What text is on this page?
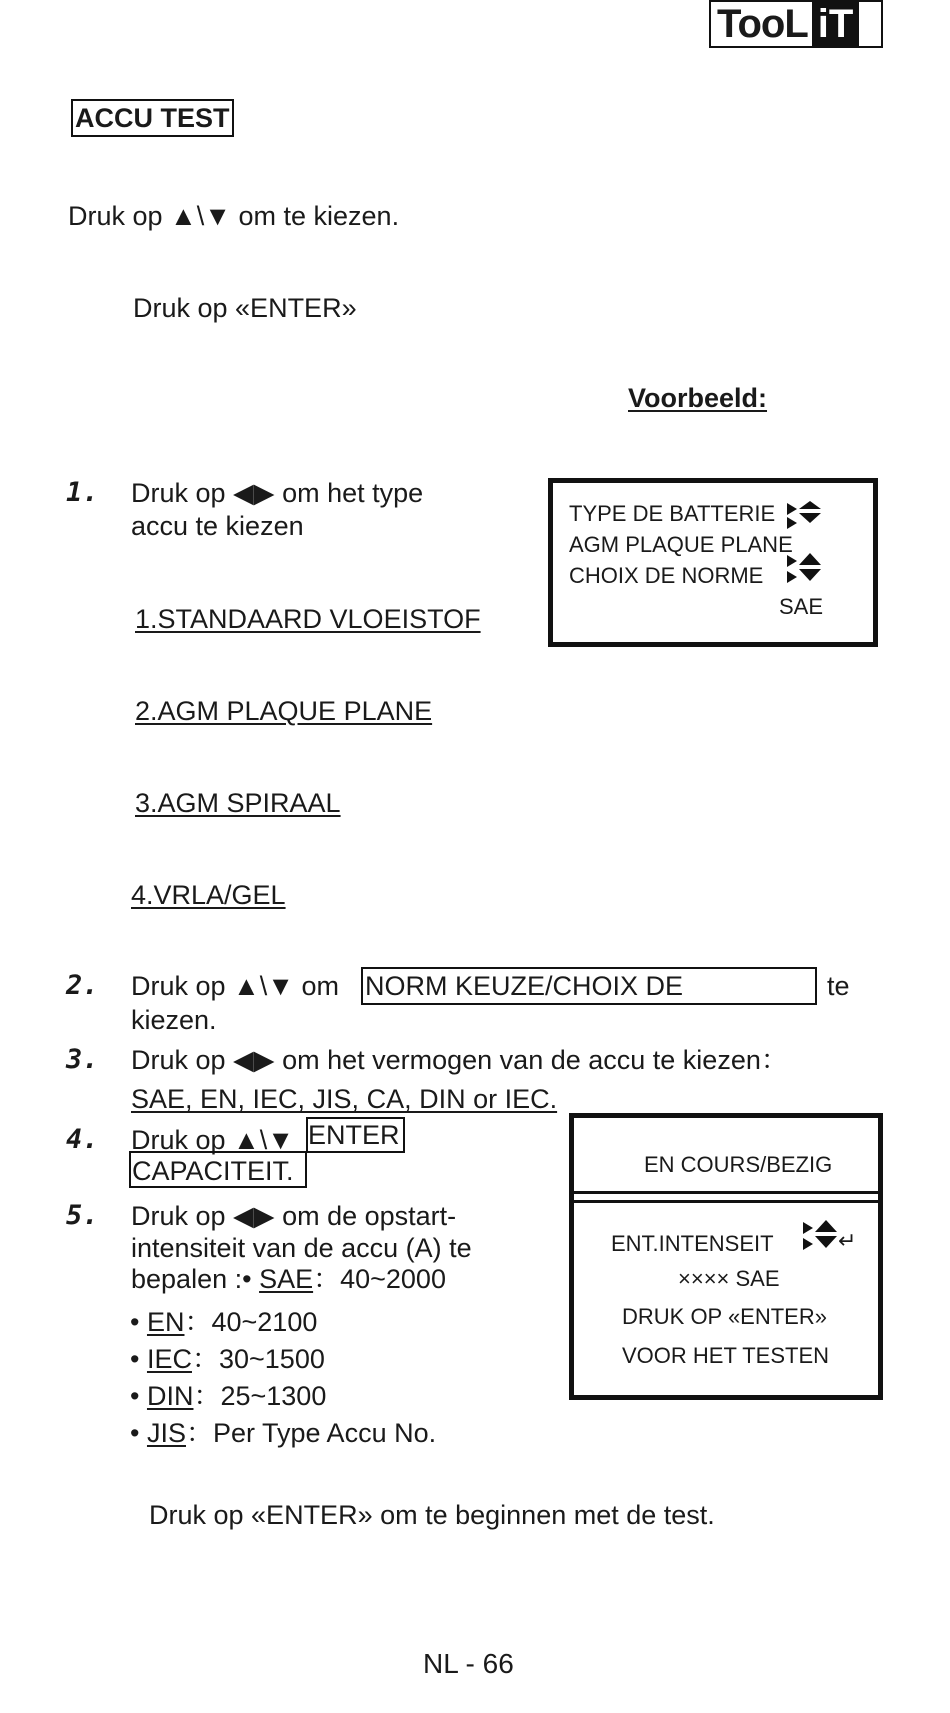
TooL iT
ACCU TEST
Druk op ▲\▼ om te kiezen.
Druk op «ENTER»
Voorbeeld:
1. Druk op ◀▶ om het type
accu te kiezen
1.STANDAARD VLOEISTOF
2.AGM PLAQUE PLANE
3.AGM SPIRAAL
4.VRLA/GEL
TYPE DE BATTERIE
AGM PLAQUE PLANE
CHOIX DE NORME
SAE
2. Druk op ▲\▼ om NORM KEUZE/CHOIX DE	te
kiezen.
3. Druk op ◀▶ om het vermogen van de accu te kiezen：
SAE, EN, IEC, JIS, CA, DIN or IEC.
EN COURS/BEZIG
ENT.INTENSEIT	↵
×××× SAE
DRUK OP «ENTER»
VOOR HET TESTEN
4. Druk op ▲\▼ ENTER
CAPACITEIT.
5. Druk op ◀▶ om de opstart-
intensiteit van de accu (A) te
bepalen :• SAE：40~2000
• EN：40~2100
• IEC：30~1500
• DIN：25~1300
• JIS：Per Type Accu No.
Druk op «ENTER» om te beginnen met de test.
NL - 66
